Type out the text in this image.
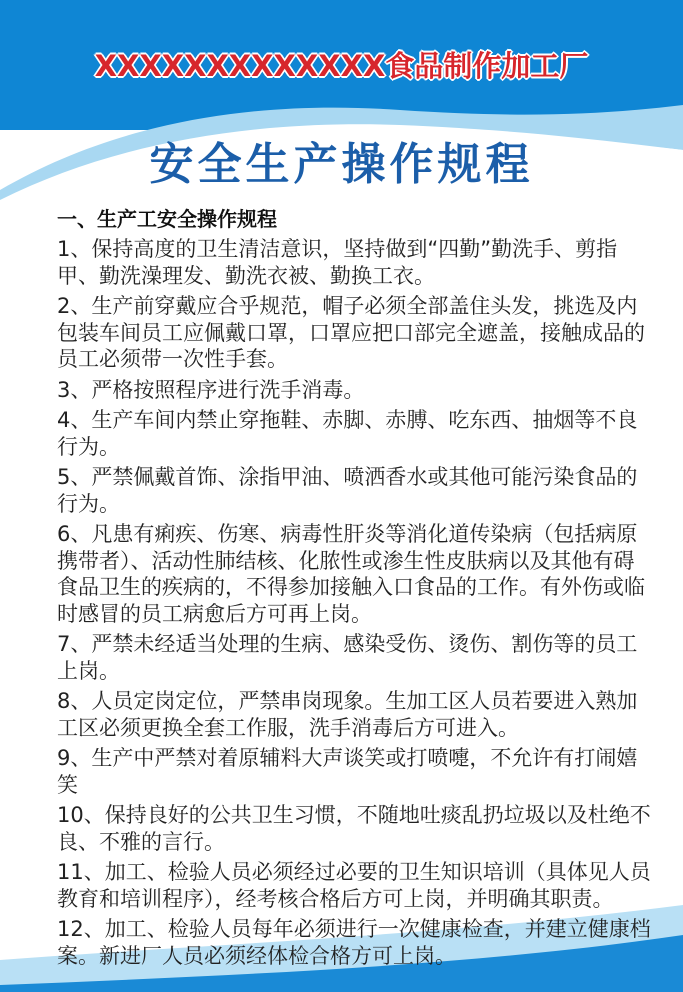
XXXXXXXXXXXXX食品制作加工厂
安全生产操作规程
一、生产工安全操作规程
1、保持高度的卫生清洁意识，坚持做到“四勤”勤洗手、剪指
甲、勤洗澡理发、勤洗衣被、勤换工衣。
2、生产前穿戴应合乎规范，帽子必须全部盖住头发，挑选及内
包装车间员工应佩戴口罩，口罩应把口部完全遮盖，接触成品的
员工必须带一次性手套。
3、严格按照程序进行洗手消毒。
4、生产车间内禁止穿拖鞋、赤脚、赤膊、吃东西、抽烟等不良
行为。
5、严禁佩戴首饰、涂指甲油、喷洒香水或其他可能污染食品的
行为。
6、凡患有痢疾、伤寒、病毒性肝炎等消化道传染病（包括病原
携带者）、活动性肺结核、化脓性或渗生性皮肤病以及其他有碍
食品卫生的疾病的，不得参加接触入口食品的工作。有外伤或临
时感冒的员工病愈后方可再上岗。
7、严禁未经适当处理的生病、感染受伤、烫伤、割伤等的员工
上岗。
8、人员定岗定位，严禁串岗现象。生加工区人员若要进入熟加
工区必须更换全套工作服，洗手消毒后方可进入。
9、生产中严禁对着原辅料大声谈笑或打喷嚏，不允许有打闹嬉
笑
10、保持良好的公共卫生习惯，不随地吐痰乱扔垃圾以及杜绝不
良、不雅的言行。
11、加工、检验人员必须经过必要的卫生知识培训（具体见人员
教育和培训程序），经考核合格后方可上岗，并明确其职责。
12、加工、检验人员每年必须进行一次健康检查，并建立健康档
案。新进厂人员必须经体检合格方可上岗。
